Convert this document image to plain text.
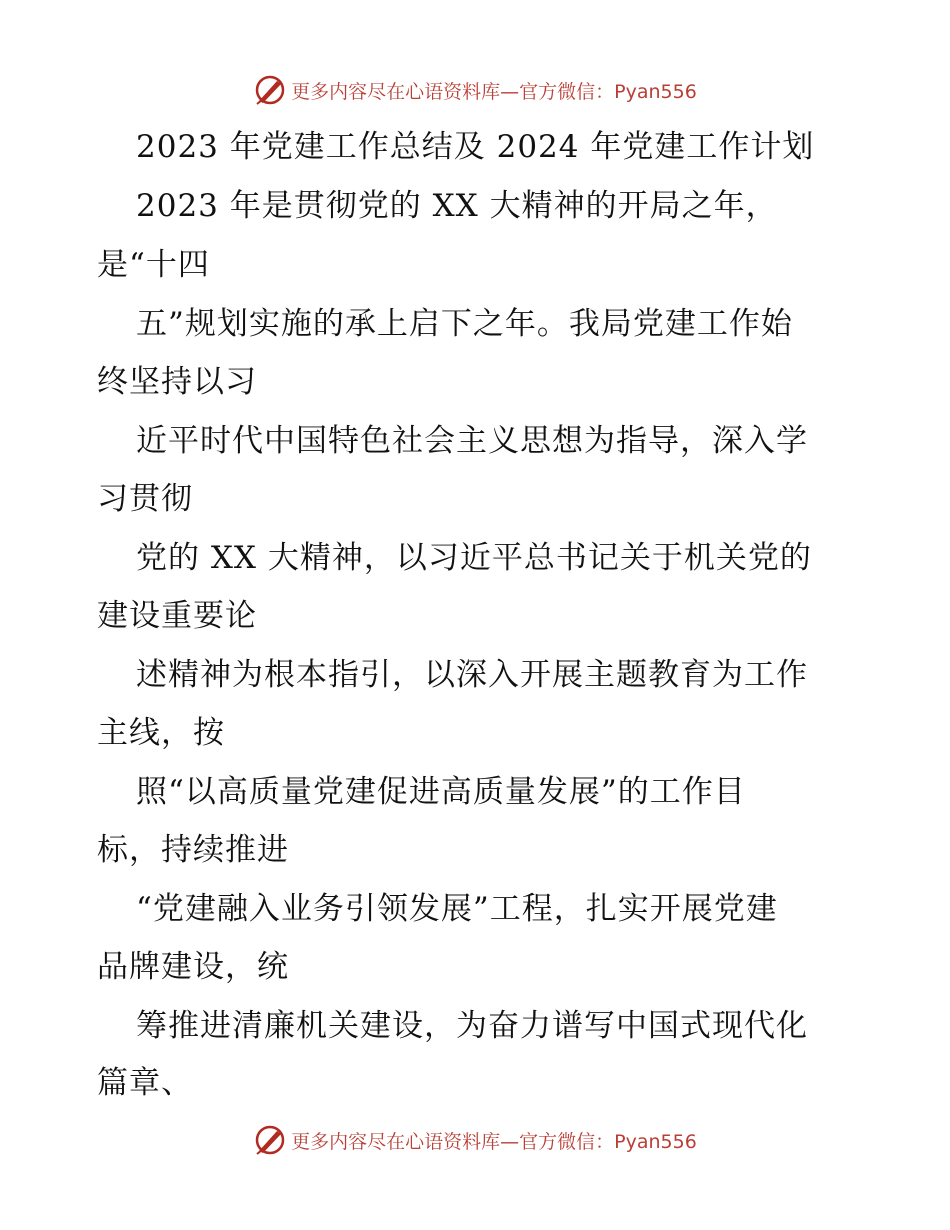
更多内容尽在心语资料库—官方微信：Pyan556
2023 年党建工作总结及 2024 年党建工作计划
2023 年是贯彻党的 XX 大精神的开局之年，
是“十四
五”规划实施的承上启下之年。我局党建工作始
终坚持以习
近平时代中国特色社会主义思想为指导，深入学
习贯彻
党的 XX 大精神，以习近平总书记关于机关党的
建设重要论
述精神为根本指引，以深入开展主题教育为工作
主线，按
照“以高质量党建促进高质量发展”的工作目
标，持续推进
“党建融入业务引领发展”工程，扎实开展党建
品牌建设，统
筹推进清廉机关建设，为奋力谱写中国式现代化
篇章、
更多内容尽在心语资料库—官方微信：Pyan556
